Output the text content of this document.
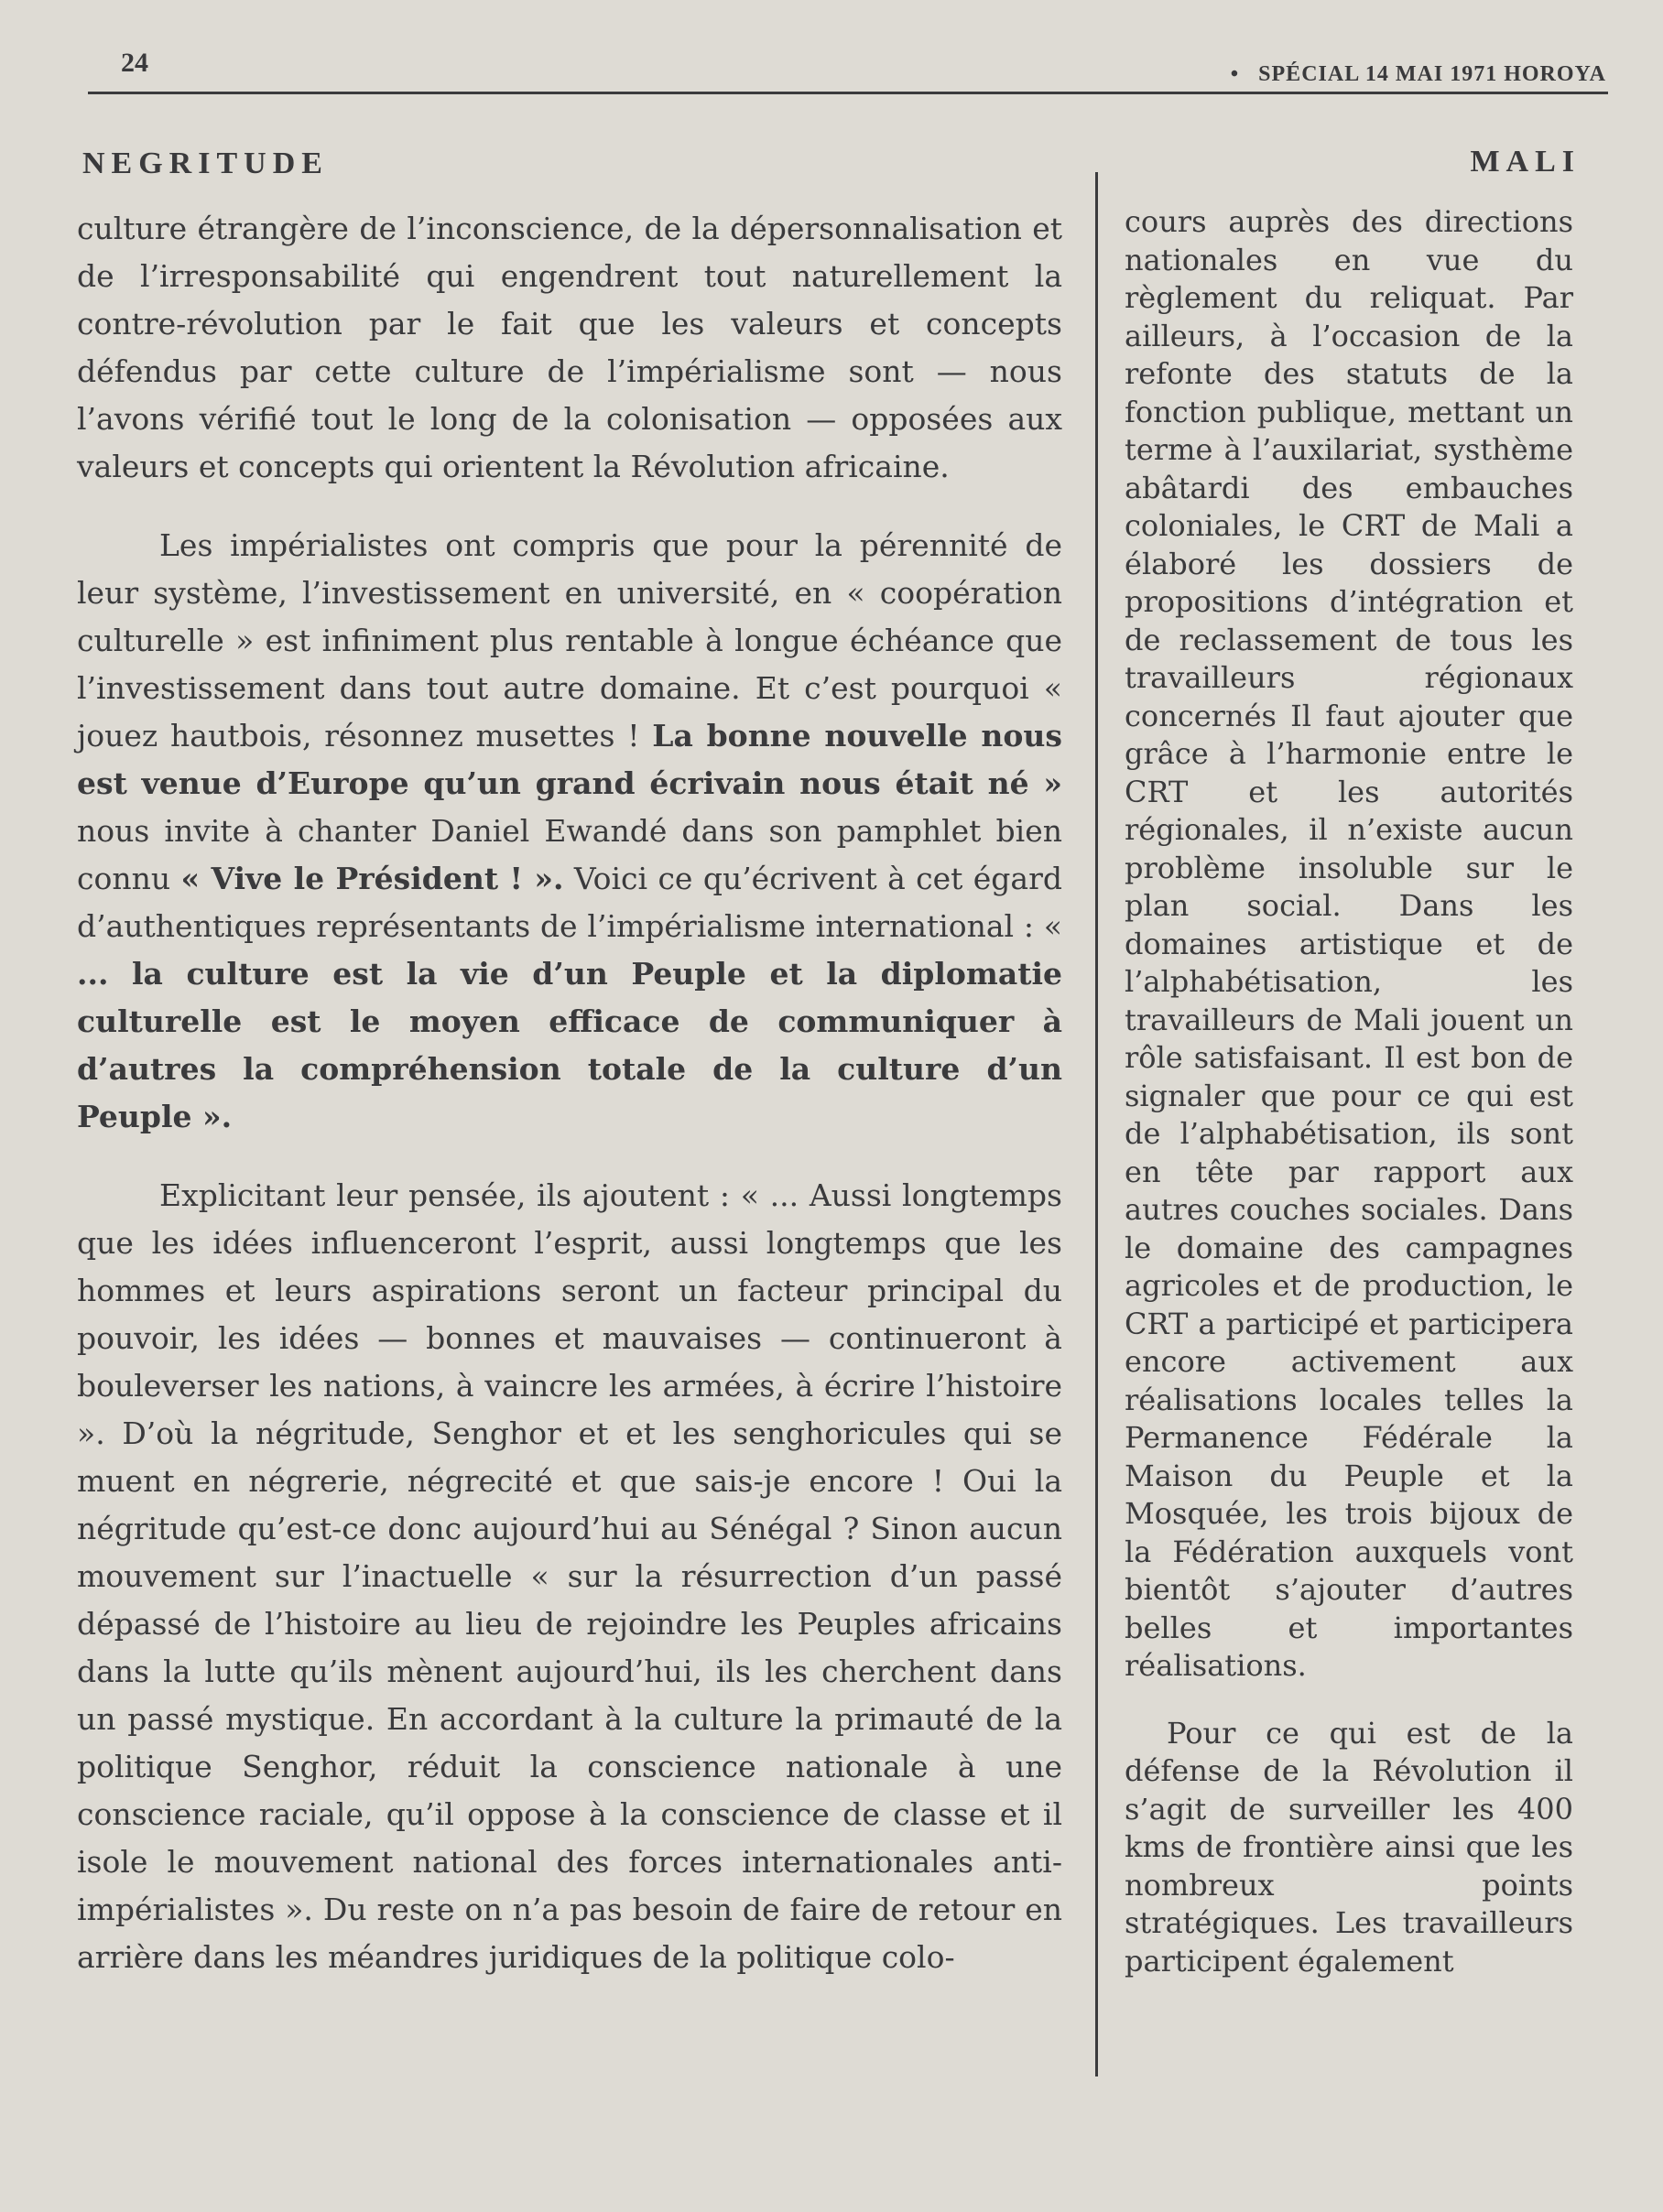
24	• SPÉCIAL 14 MAI 1971 HOROYA
NEGRITUDE	MALI

culture étrangère de l’inconscience, de la dépersonnalisation et de l’irresponsabilité qui engendrent tout naturellement la contre-révolution par le fait que les valeurs et concepts défendus par cette culture de l’impérialisme sont — nous l’avons vérifié tout le long de la colonisation — opposées aux valeurs et concepts qui orientent la Révolution africaine.

Les impérialistes ont compris que pour la pérennité de leur système, l’investissement en université, en « coopération culturelle » est infiniment plus rentable à longue échéance que l’investissement dans tout autre domaine. Et c’est pourquoi « jouez hautbois, résonnez musettes ! La bonne nouvelle nous est venue d’Europe qu’un grand écrivain nous était né » nous invite à chanter Daniel Ewandé dans son pamphlet bien connu « Vive le Président ! ». Voici ce qu’écrivent à cet égard d’authentiques représentants de l’impérialisme international : « ... la culture est la vie d’un Peuple et la diplomatie culturelle est le moyen efficace de communiquer à d’autres la compréhension totale de la culture d’un Peuple ».

Explicitant leur pensée, ils ajoutent : « ... Aussi longtemps que les idées influenceront l’esprit, aussi longtemps que les hommes et leurs aspirations seront un facteur principal du pouvoir, les idées — bonnes et mauvaises — continueront à bouleverser les nations, à vaincre les armées, à écrire l’histoire ». D’où la négritude, Senghor et et les senghoricules qui se muent en négrerie, négrecité et que sais-je encore ! Oui la négritude qu’est-ce donc aujourd’hui au Sénégal ? Sinon aucun mouvement sur l’inactuelle « sur la résurrection d’un passé dépassé de l’histoire au lieu de rejoindre les Peuples africains dans la lutte qu’ils mènent aujourd’hui, ils les cherchent dans un passé mystique. En accordant à la culture la primauté de la politique Senghor, réduit la conscience nationale à une conscience raciale, qu’il oppose à la conscience de classe et il isole le mouvement national des forces internationales anti-impérialistes ». Du reste on n’a pas besoin de faire de retour en arrière dans les méandres juridiques de la politique colo-

cours auprès des directions nationales en vue du règlement du reliquat. Par ailleurs, à l’occasion de la refonte des statuts de la fonction publique, mettant un terme à l’auxilariat, systhème abâtardi des embauches coloniales, le CRT de Mali a élaboré les dossiers de propositions d’intégration et de reclassement de tous les travailleurs régionaux concernés Il faut ajouter que grâce à l’harmonie entre le CRT et les autorités régionales, il n’existe aucun problème insoluble sur le plan social. Dans les domaines artistique et de l’alphabétisation, les travailleurs de Mali jouent un rôle satisfaisant. Il est bon de signaler que pour ce qui est de l’alphabétisation, ils sont en tête par rapport aux autres couches sociales. Dans le domaine des campagnes agricoles et de production, le CRT a participé et participera encore activement aux réalisations locales telles la Permanence Fédérale la Maison du Peuple et la Mosquée, les trois bijoux de la Fédération auxquels vont bientôt s’ajouter d’autres belles et importantes réalisations.

Pour ce qui est de la défense de la Révolution il s’agit de surveiller les 400 kms de frontière ainsi que les nombreux points stratégiques. Les travailleurs participent également
